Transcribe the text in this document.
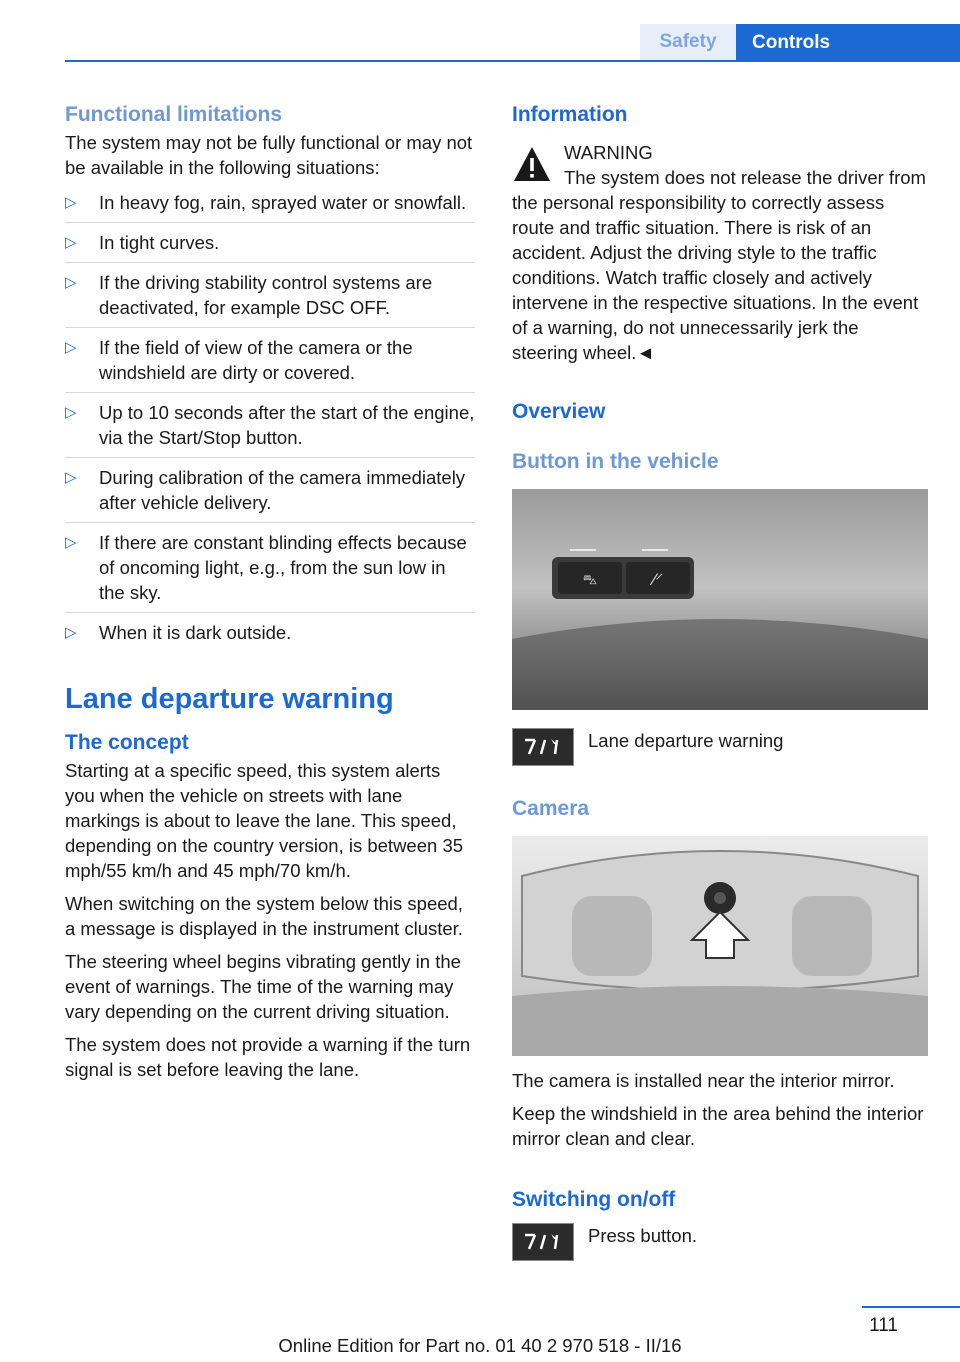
Safety Controls
Functional limitations

The system may not be fully functional or may not be available in the following situations:

▷ In heavy fog, rain, sprayed water or snowfall.
▷ In tight curves.
▷ If the driving stability control systems are deactivated, for example DSC OFF.
▷ If the field of view of the camera or the windshield are dirty or covered.
▷ Up to 10 seconds after the start of the engine, via the Start/Stop button.
▷ During calibration of the camera immediately after vehicle delivery.
▷ If there are constant blinding effects because of oncoming light, e.g., from the sun low in the sky.
▷ When it is dark outside.
Lane departure warning
The concept

Starting at a specific speed, this system alerts you when the vehicle on streets with lane markings is about to leave the lane. This speed, depending on the country version, is between 35 mph/55 km/h and 45 mph/70 km/h.

When switching on the system below this speed, a message is displayed in the instrument cluster.

The steering wheel begins vibrating gently in the event of warnings. The time of the warning may vary depending on the current driving situation.

The system does not provide a warning if the turn signal is set before leaving the lane.

Information
WARNING

The system does not release the driver from the personal responsibility to correctly assess route and traffic situation. There is risk of an accident. Adjust the driving style to the traffic conditions. Watch traffic closely and actively intervene in the respective situations. In the event of a warning, do not unnecessarily jerk the steering wheel.◄

Overview
Button in the vehicle
⛍	⁄⸍
Lane departure warning
Camera

The camera is installed near the interior mirror.

Keep the windshield in the area behind the interior mirror clean and clear.

Switching on/off
Press button.
111
Online Edition for Part no. 01 40 2 970 518 - II/16
